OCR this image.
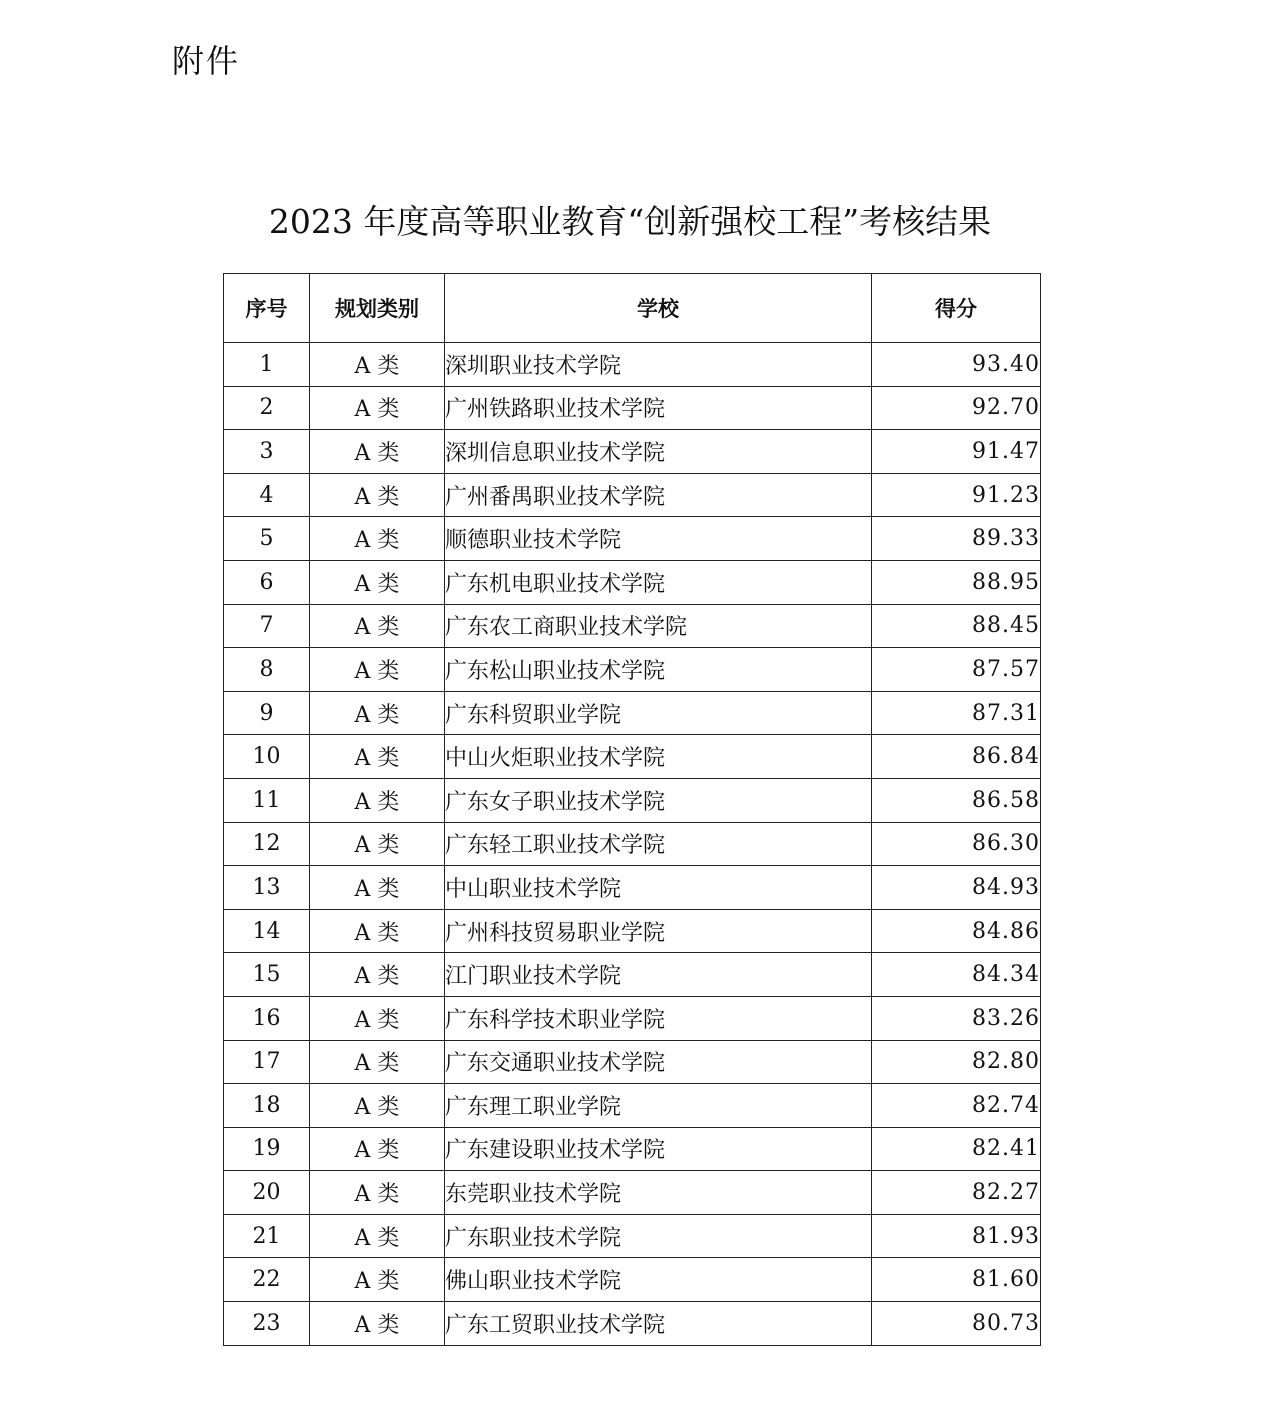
附件
2023 年度高等职业教育“创新强校工程”考核结果
序号	规划类别	学校	得分
1	A 类	深圳职业技术学院	93.40
2	A 类	广州铁路职业技术学院	92.70
3	A 类	深圳信息职业技术学院	91.47
4	A 类	广州番禺职业技术学院	91.23
5	A 类	顺德职业技术学院	89.33
6	A 类	广东机电职业技术学院	88.95
7	A 类	广东农工商职业技术学院	88.45
8	A 类	广东松山职业技术学院	87.57
9	A 类	广东科贸职业学院	87.31
10	A 类	中山火炬职业技术学院	86.84
11	A 类	广东女子职业技术学院	86.58
12	A 类	广东轻工职业技术学院	86.30
13	A 类	中山职业技术学院	84.93
14	A 类	广州科技贸易职业学院	84.86
15	A 类	江门职业技术学院	84.34
16	A 类	广东科学技术职业学院	83.26
17	A 类	广东交通职业技术学院	82.80
18	A 类	广东理工职业学院	82.74
19	A 类	广东建设职业技术学院	82.41
20	A 类	东莞职业技术学院	82.27
21	A 类	广东职业技术学院	81.93
22	A 类	佛山职业技术学院	81.60
23	A 类	广东工贸职业技术学院	80.73
